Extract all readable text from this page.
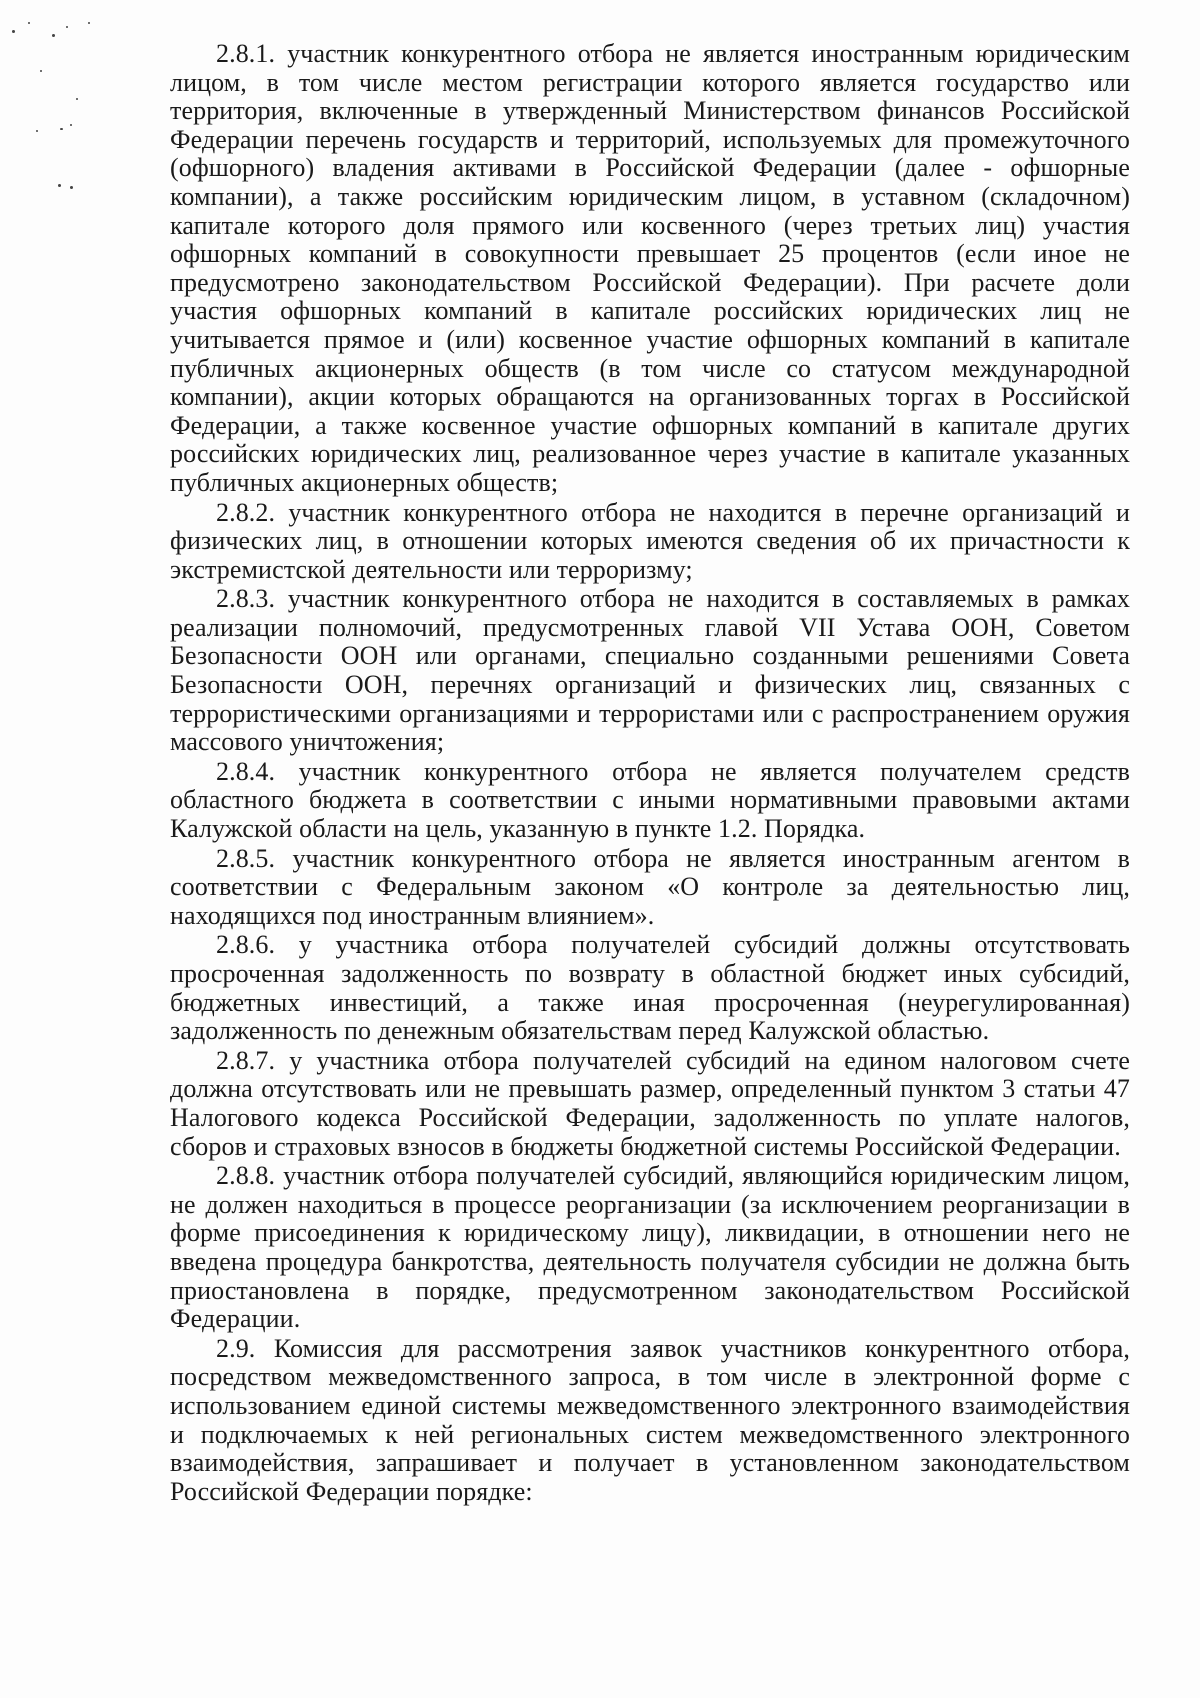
2.8.1. участник конкурентного отбора не является иностранным юридическим лицом, в том числе местом регистрации которого является государство или территория, включенные в утвержденный Министерством финансов Российской Федерации перечень государств и территорий, используемых для промежуточного (офшорного) владения активами в Российской Федерации (далее - офшорные компании), а также российским юридическим лицом, в уставном (складочном) капитале которого доля прямого или косвенного (через третьих лиц) участия офшорных компаний в совокупности превышает 25 процентов (если иное не предусмотрено законодательством Российской Федерации). При расчете доли участия офшорных компаний в капитале российских юридических лиц не учитывается прямое и (или) косвенное участие офшорных компаний в капитале публичных акционерных обществ (в том числе со статусом международной компании), акции которых обращаются на организованных торгах в Российской Федерации, а также косвенное участие офшорных компаний в капитале других российских юридических лиц, реализованное через участие в капитале указанных публичных акционерных обществ;

2.8.2. участник конкурентного отбора не находится в перечне организаций и физических лиц, в отношении которых имеются сведения об их причастности к экстремистской деятельности или терроризму;

2.8.3. участник конкурентного отбора не находится в составляемых в рамках реализации полномочий, предусмотренных главой VII Устава ООН, Советом Безопасности ООН или органами, специально созданными решениями Совета Безопасности ООН, перечнях организаций и физических лиц, связанных с террористическими организациями и террористами или с распространением оружия массового уничтожения;

2.8.4. участник конкурентного отбора не является получателем средств областного бюджета в соответствии с иными нормативными правовыми актами Калужской области на цель, указанную в пункте 1.2. Порядка.

2.8.5. участник конкурентного отбора не является иностранным агентом в соответствии с Федеральным законом «О контроле за деятельностью лиц, находящихся под иностранным влиянием».

2.8.6. у участника отбора получателей субсидий должны отсутствовать просроченная задолженность по возврату в областной бюджет иных субсидий, бюджетных инвестиций, а также иная просроченная (неурегулированная) задолженность по денежным обязательствам перед Калужской областью.

2.8.7. у участника отбора получателей субсидий на едином налоговом счете должна отсутствовать или не превышать размер, определенный пунктом 3 статьи 47 Налогового кодекса Российской Федерации, задолженность по уплате налогов, сборов и страховых взносов в бюджеты бюджетной системы Российской Федерации.

2.8.8. участник отбора получателей субсидий, являющийся юридическим лицом, не должен находиться в процессе реорганизации (за исключением реорганизации в форме присоединения к юридическому лицу), ликвидации, в отношении него не введена процедура банкротства, деятельность получателя субсидии не должна быть приостановлена в порядке, предусмотренном законодательством Российской Федерации.

2.9. Комиссия для рассмотрения заявок участников конкурентного отбора, посредством межведомственного запроса, в том числе в электронной форме с использованием единой системы межведомственного электронного взаимодействия и подключаемых к ней региональных систем межведомственного электронного взаимодействия, запрашивает и получает в установленном законодательством Российской Федерации порядке:
